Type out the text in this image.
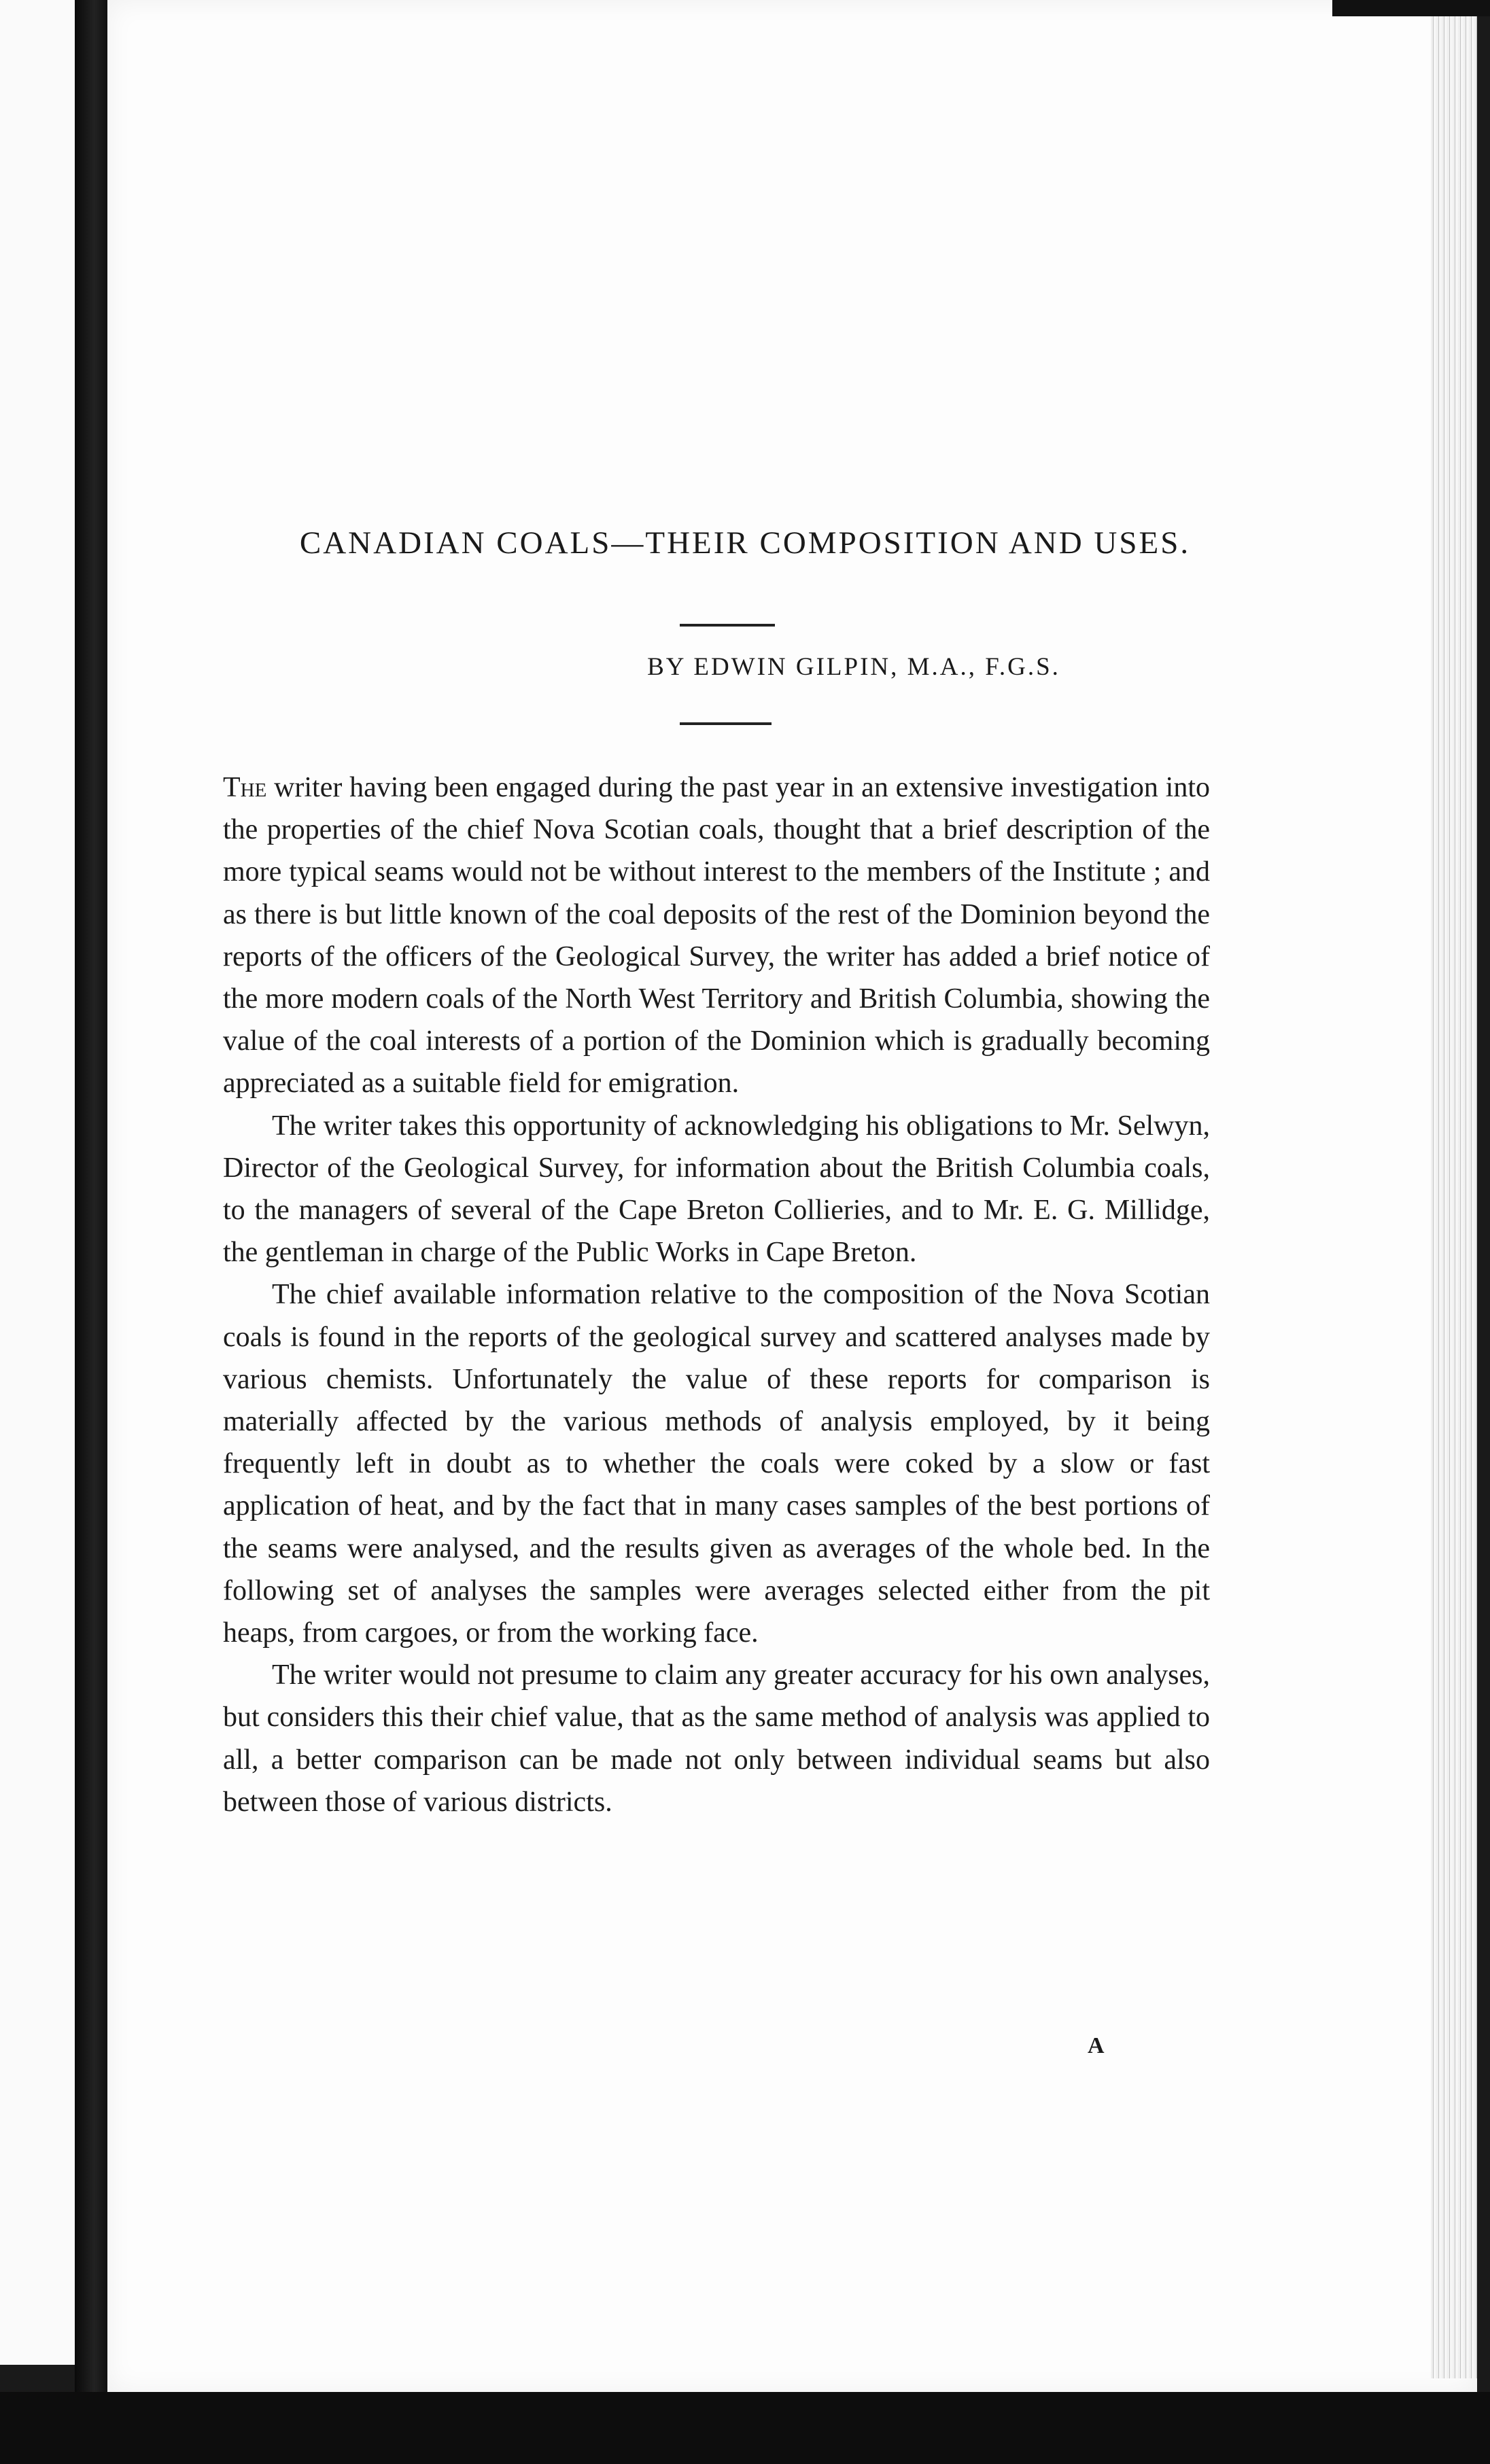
CANADIAN COALS—THEIR COMPOSITION AND USES.
BY EDWIN GILPIN, M.A., F.G.S.

The writer having been engaged during the past year in an extensive investigation into the properties of the chief Nova Scotian coals, thought that a brief description of the more typical seams would not be without interest to the members of the Institute ; and as there is but little known of the coal deposits of the rest of the Dominion beyond the reports of the officers of the Geological Survey, the writer has added a brief notice of the more modern coals of the North West Territory and British Columbia, showing the value of the coal interests of a portion of the Dominion which is gradually becoming appreciated as a suitable field for emigration.

The writer takes this opportunity of acknowledging his obligations to Mr. Selwyn, Director of the Geological Survey, for information about the British Columbia coals, to the managers of several of the Cape Breton Collieries, and to Mr. E. G. Millidge, the gentleman in charge of the Public Works in Cape Breton.

The chief available information relative to the composition of the Nova Scotian coals is found in the reports of the geological survey and scattered analyses made by various chemists. Unfortunately the value of these reports for comparison is materially affected by the various methods of analysis employed, by it being frequently left in doubt as to whether the coals were coked by a slow or fast application of heat, and by the fact that in many cases samples of the best portions of the seams were analysed, and the results given as averages of the whole bed. In the following set of analyses the samples were averages selected either from the pit heaps, from cargoes, or from the working face.

The writer would not presume to claim any greater accuracy for his own analyses, but considers this their chief value, that as the same method of analysis was applied to all, a better comparison can be made not only between individual seams but also between those of various districts.

A
